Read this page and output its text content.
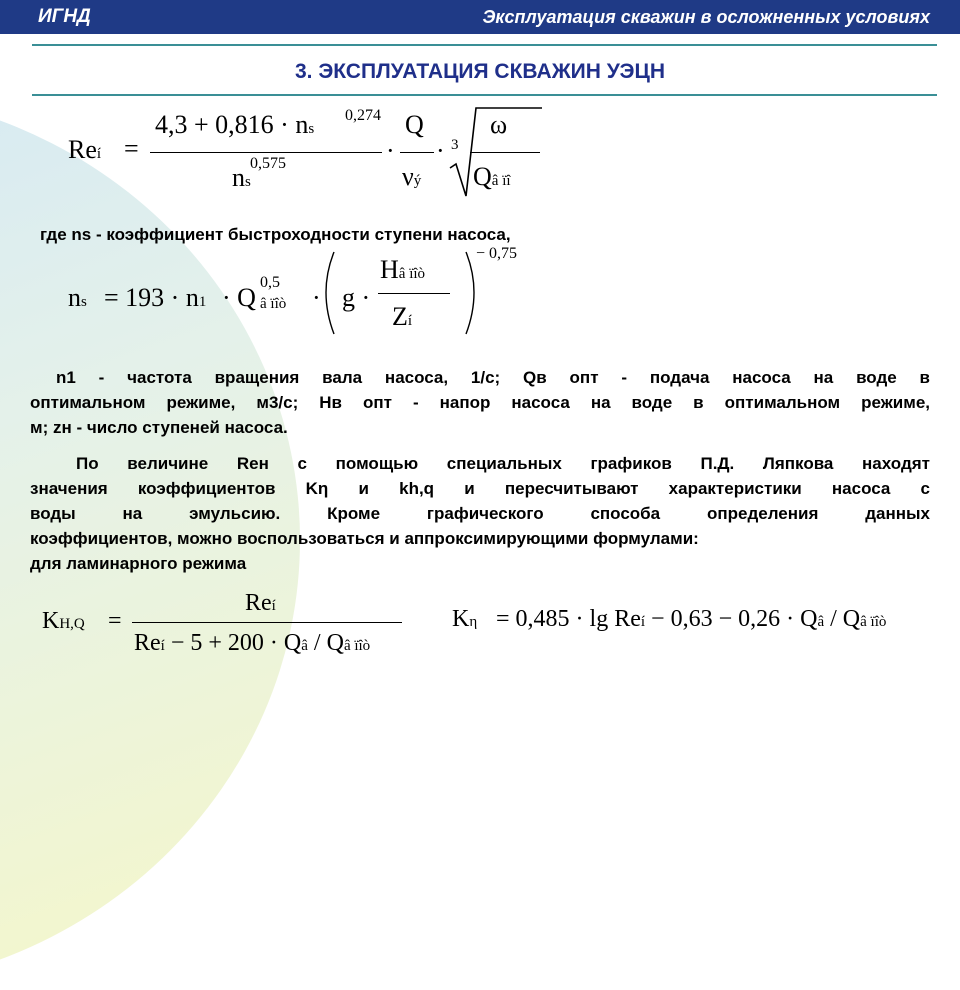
ИГНД	Эксплуатация скважин в осложненных условиях
3. ЭКСПЛУАТАЦИЯ СКВАЖИН УЭЦН
Reí =
4,3 + 0,816 · ns
0,274
ns
0,575	·
Q
νý
· 3
ω
Qâ ïî
где ns - коэффициент быстроходности ступени насоса,
ns = 193 · n1 · Q
0,5
â ïîò · g ·
Hâ ïîò
Zí
− 0,75
n1 - частота вращения вала насоса, 1/с; Qв опт - подача насоса на воде в
оптимальном режиме, м3/с; Нв опт - напор насоса на воде в оптимальном режиме,
м; zн - число ступеней насоса.
По величине Reн с помощью специальных графиков П.Д. Ляпкова находят
значения коэффициентов Kη и kh,q и пересчитывают характеристики насоса с
воды на эмульсию. Кроме графического способа определения данных
коэффициентов, можно воспользоваться и аппроксимирующими формулами:
для ламинарного режима
KH,Q =
Reí
Reí − 5 + 200 · Qâ / Qâ ïîò
Kη = 0,485 · lg Reí − 0,63 − 0,26 · Qâ / Qâ ïîò
